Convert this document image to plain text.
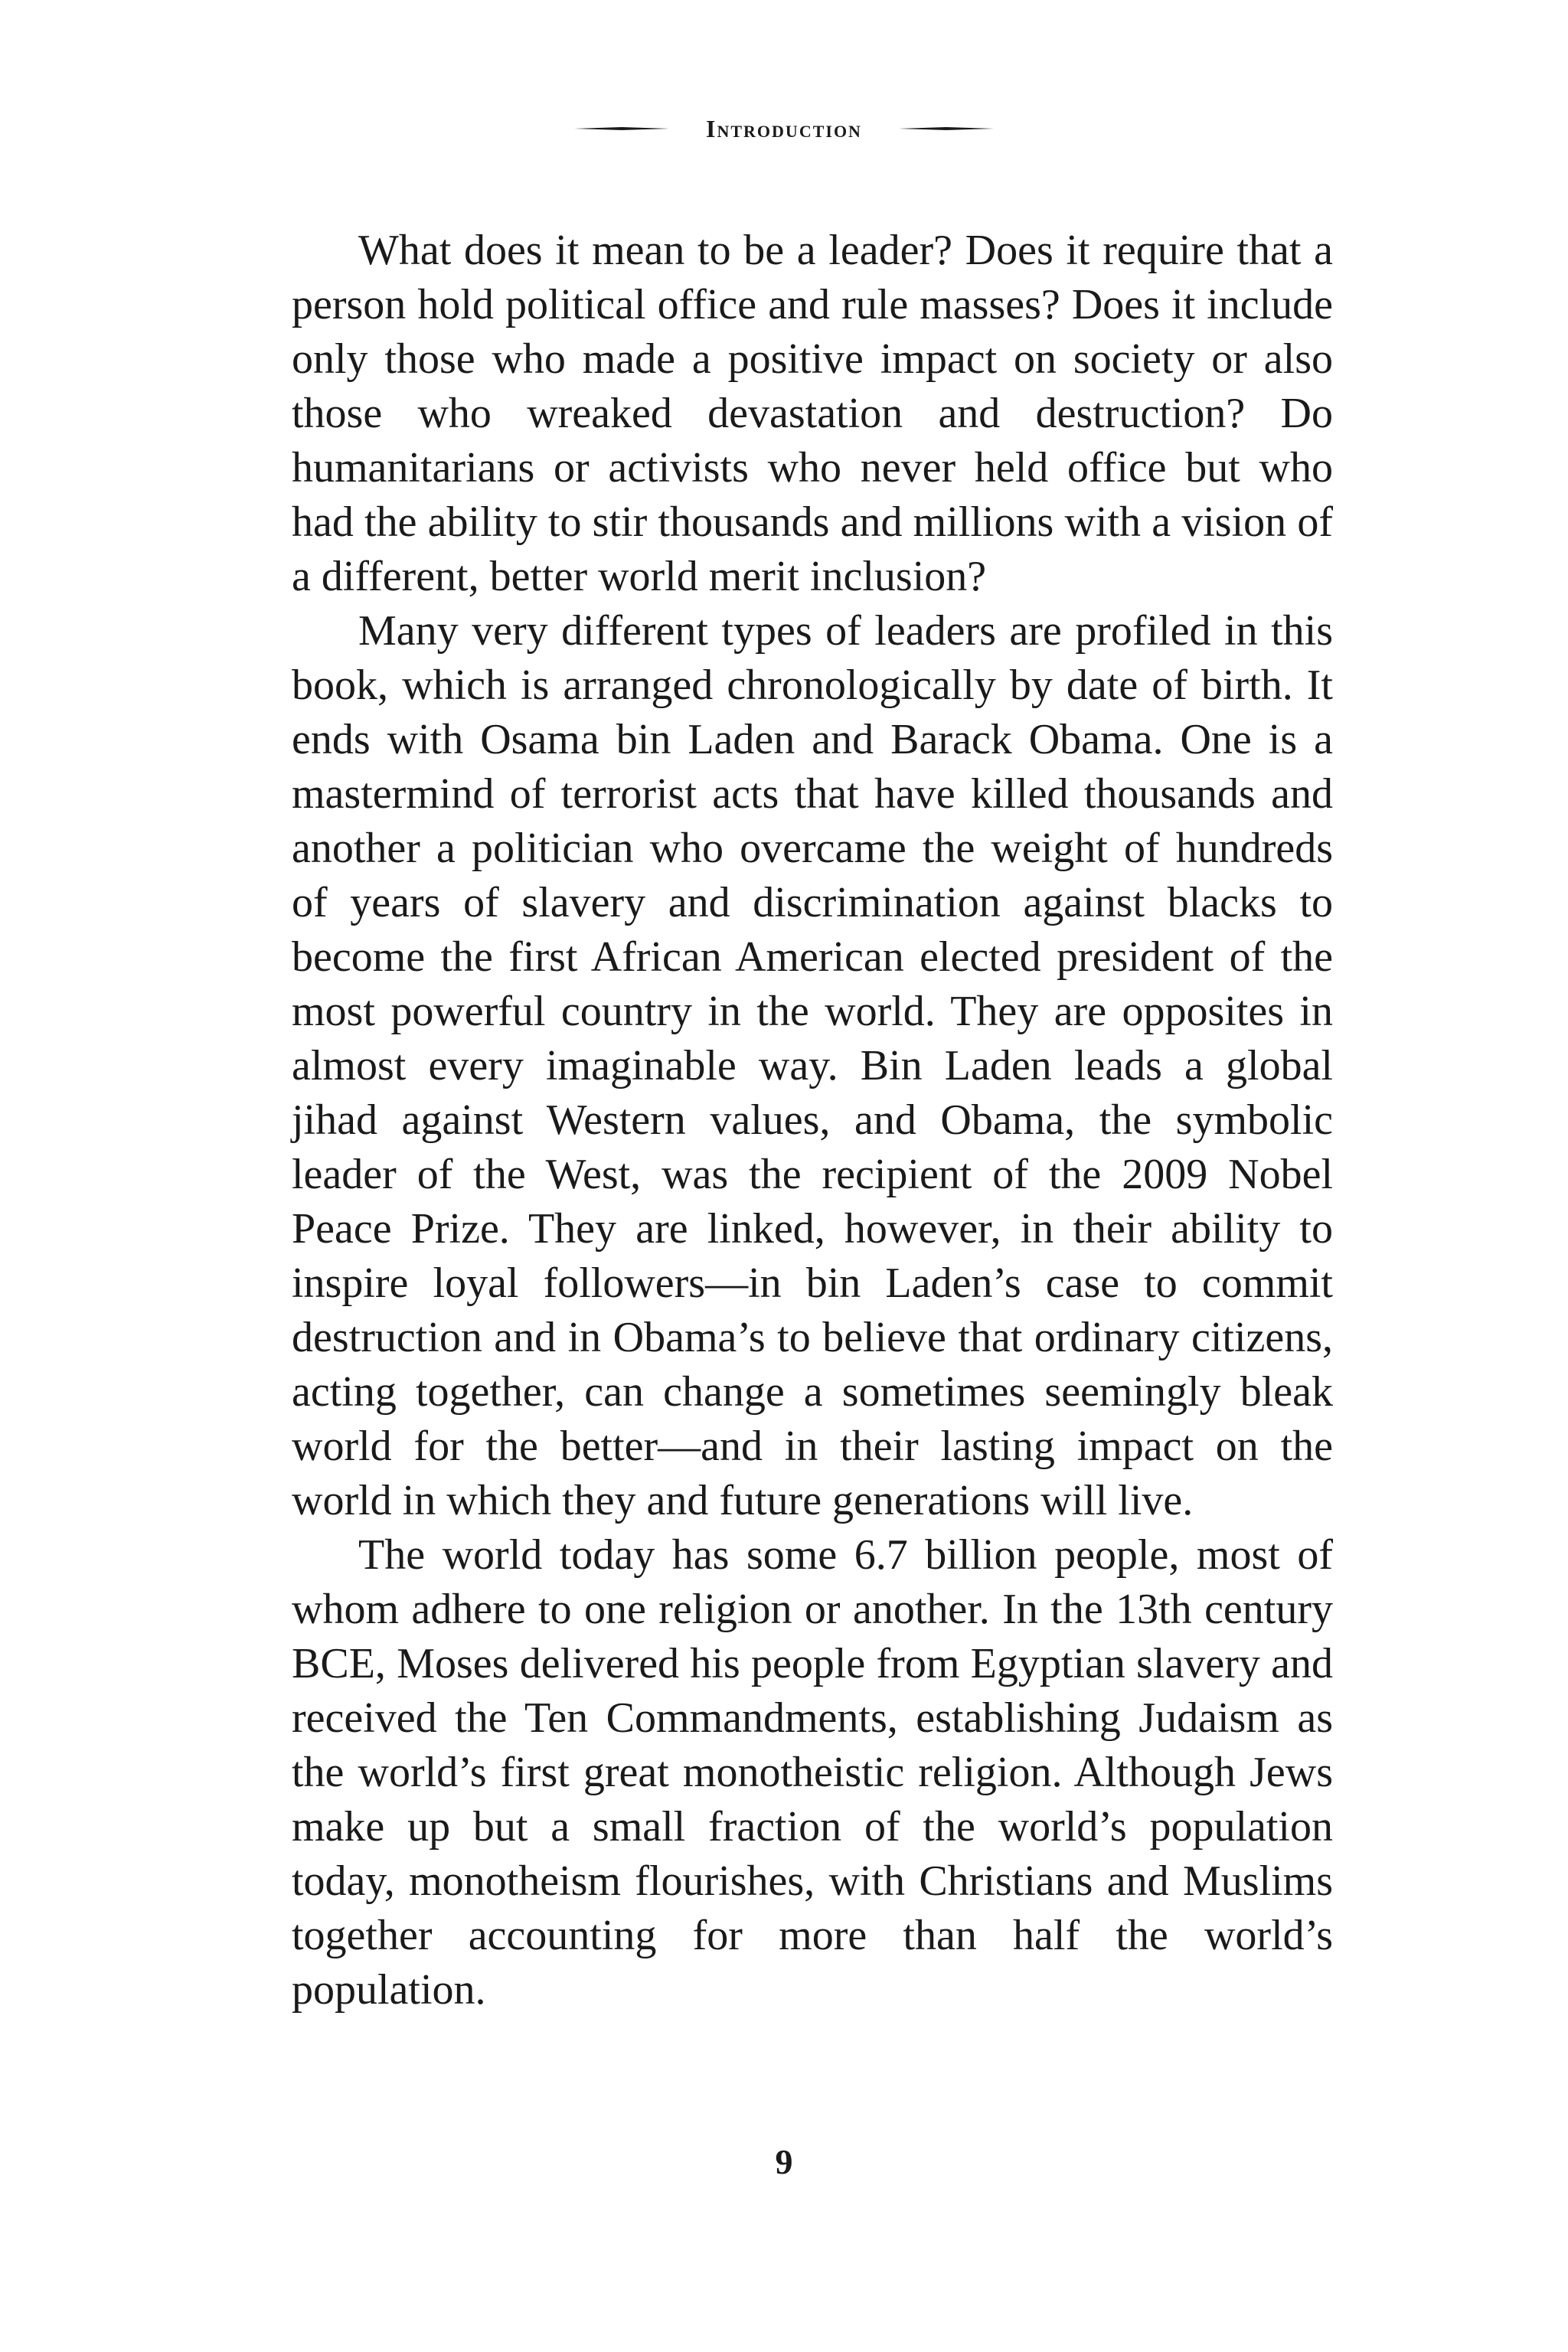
Introduction

What does it mean to be a leader? Does it require that a person hold political office and rule masses? Does it include only those who made a positive impact on society or also those who wreaked devastation and destruction? Do humanitarians or activists who never held office but who had the ability to stir thousands and millions with a vision of a different, better world merit inclusion?

Many very different types of leaders are profiled in this book, which is arranged chronologically by date of birth. It ends with Osama bin Laden and Barack Obama. One is a mastermind of terrorist acts that have killed thousands and another a politician who overcame the weight of hundreds of years of slavery and discrimination against blacks to become the first African American elected president of the most powerful country in the world. They are opposites in almost every imaginable way. Bin Laden leads a global jihad against Western values, and Obama, the symbolic leader of the West, was the recipient of the 2009 Nobel Peace Prize. They are linked, however, in their ability to inspire loyal followers—in bin Laden’s case to commit destruction and in Obama’s to believe that ordinary citizens, acting together, can change a sometimes seemingly bleak world for the better—and in their lasting impact on the world in which they and future generations will live.

The world today has some 6.7 billion people, most of whom adhere to one religion or another. In the 13th century BCE, Moses delivered his people from Egyptian slavery and received the Ten Commandments, establishing Judaism as the world’s first great monotheistic religion. Although Jews make up but a small fraction of the world’s population today, monotheism flourishes, with Christians and Muslims together accounting for more than half the world’s population.

9
